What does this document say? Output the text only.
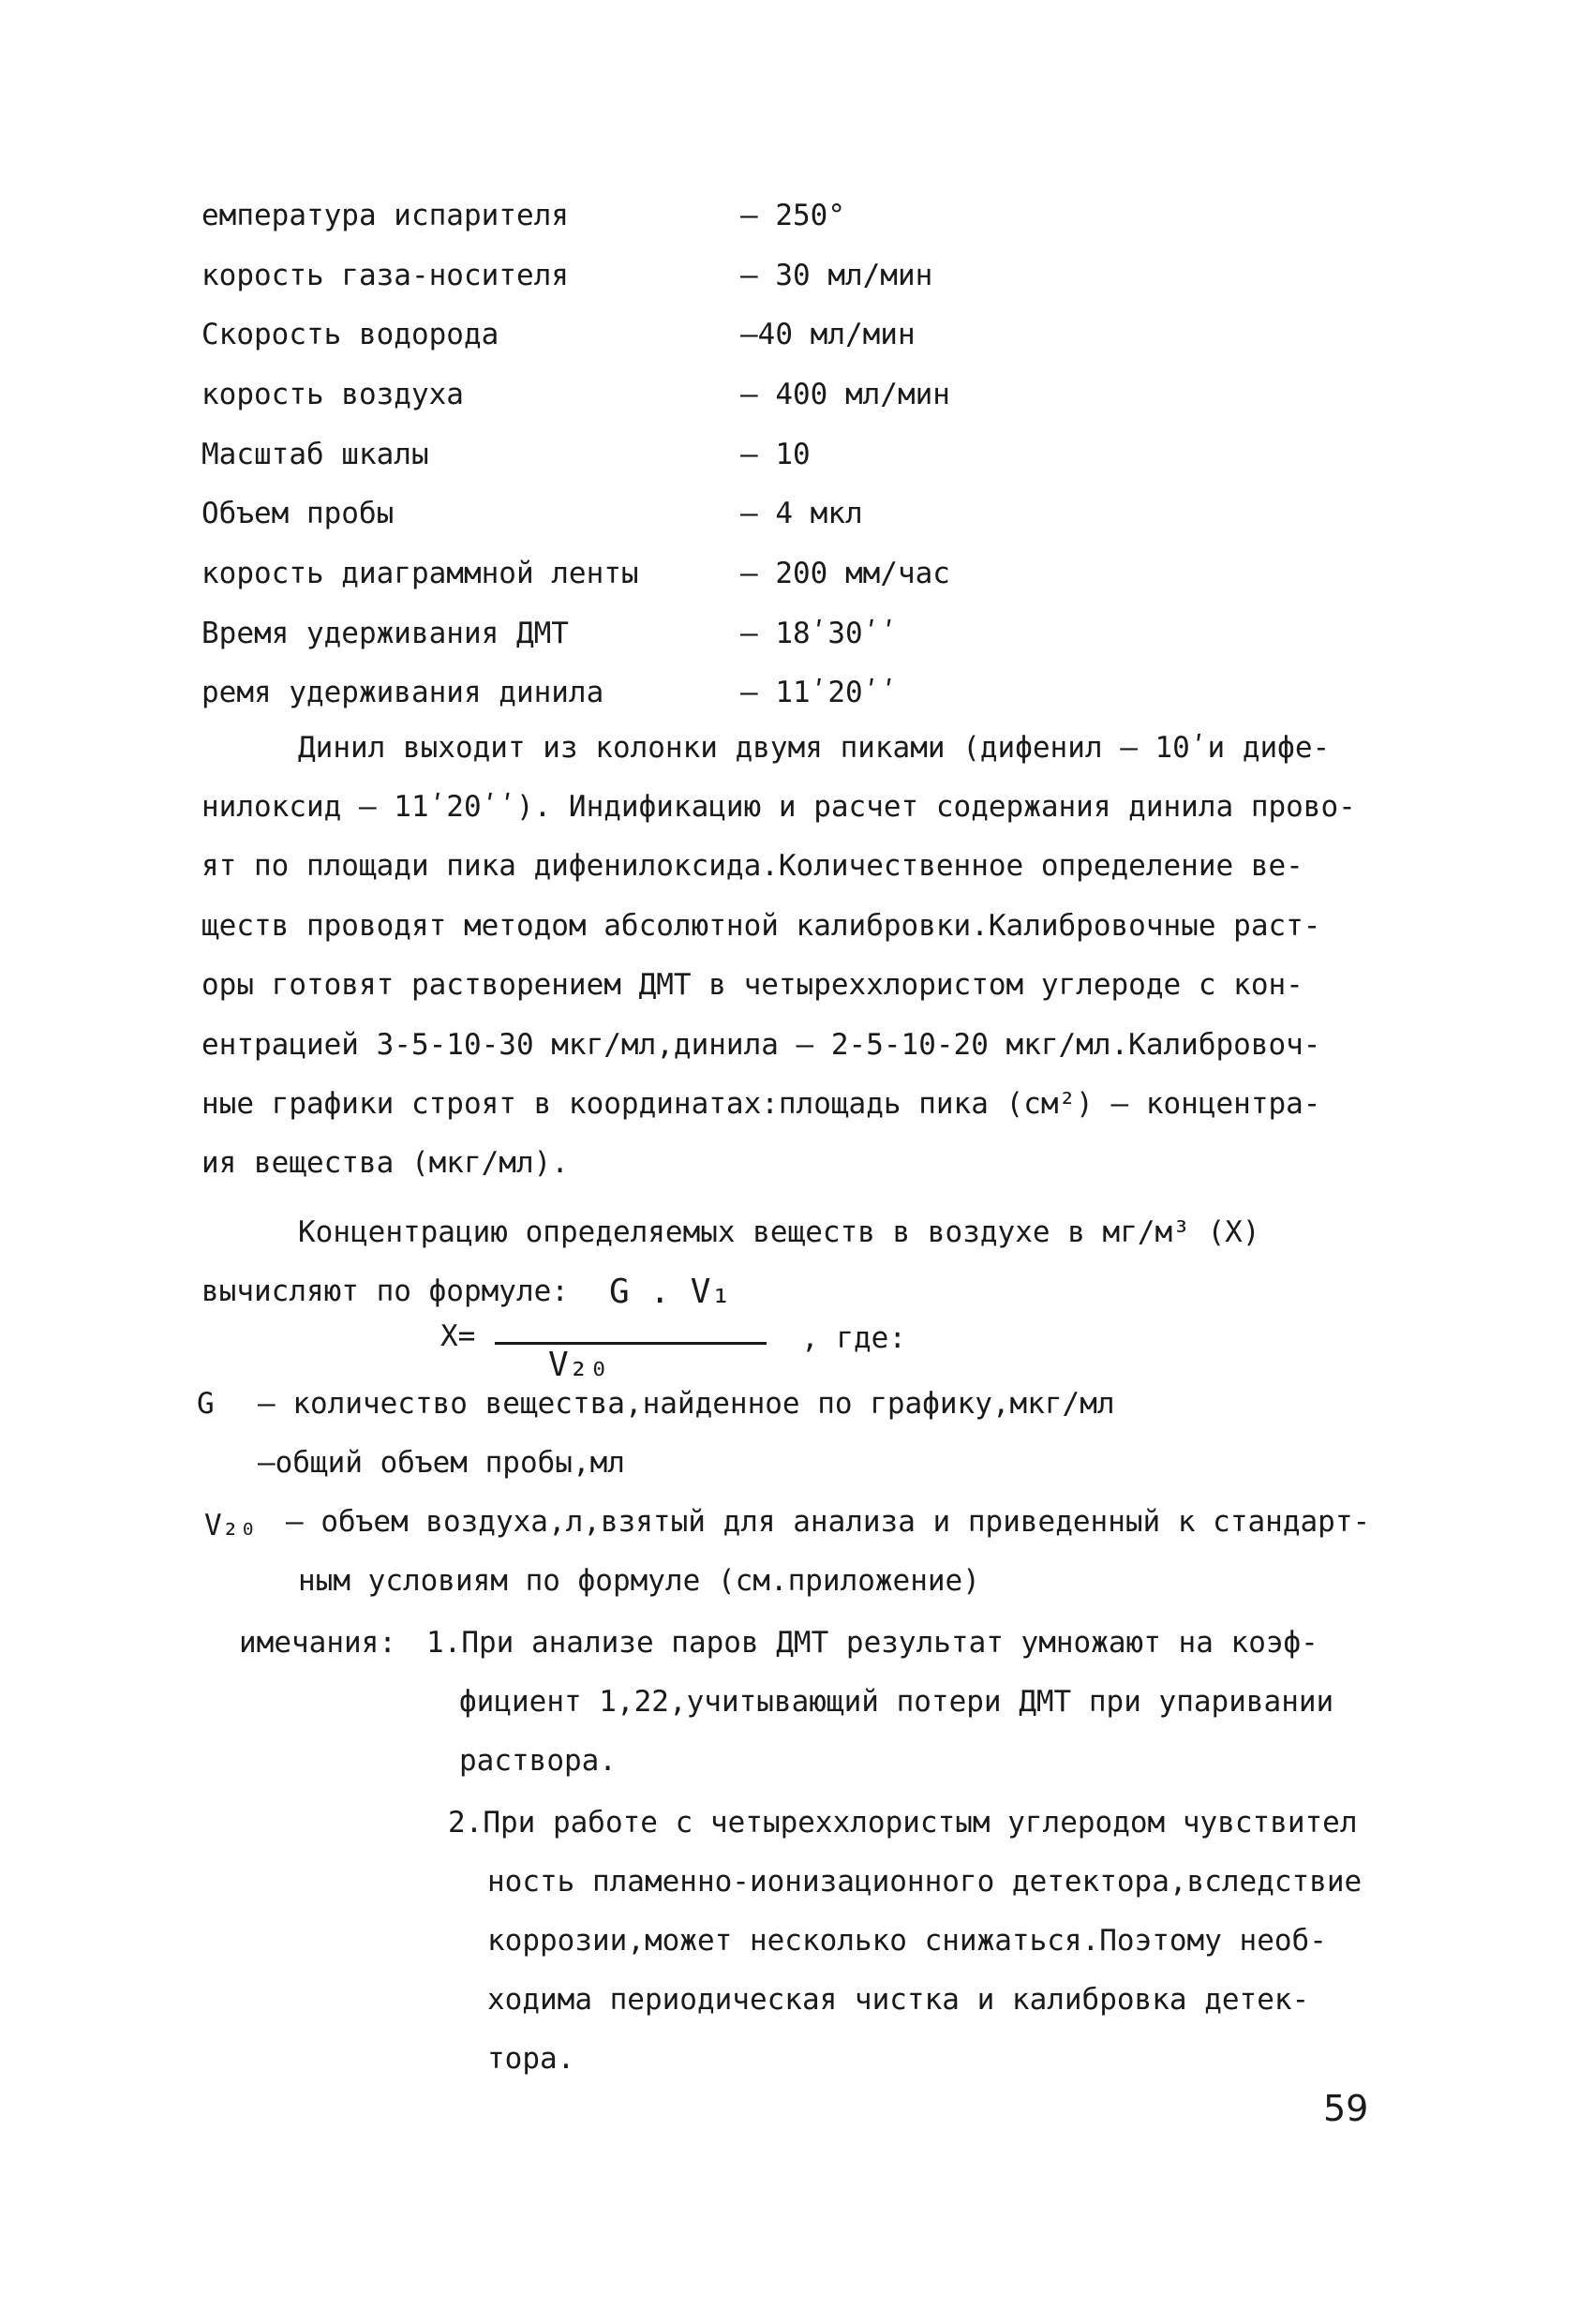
емпература испарителя	– 250°
корость газа-носителя	– 30 мл/мин
Скорость водорода	–40 мл/мин
корость воздуха	– 400 мл/мин
Масштаб шкалы	– 10
Объем пробы	– 4 мкл
корость диаграммной ленты	– 200 мм/час
Время удерживания ДМТ	– 18ʹ30ʹʹ
ремя удерживания динила	– 11ʹ20ʹʹ
Динил выходит из колонки двумя пиками (дифенил – 10ʹи дифе-
нилоксид – 11ʹ20ʹʹ). Индификацию и расчет содержания динила прово-
ят по площади пика дифенилоксида.Количественное определение ве-
ществ проводят методом абсолютной калибровки.Калибровочные раст-
оры готовят растворением ДМТ в четыреххлористом углероде с кон-
ентрацией 3-5-10-30 мкг/мл,динила – 2-5-10-20 мкг/мл.Калибровоч-
ные графики строят в координатах:площадь пика (см²) – концентра-
ия вещества (мкг/мл).
Концентрацию определяемых веществ в воздухе в мг/м³ (Х)
вычисляют по формуле:
Х=
G . V₁
V₂₀
, где:
G – количество вещества,найденное по графику,мкг/мл
–общий объем пробы,мл
V₂₀ – объем воздуха,л,взятый для анализа и приведенный к стандарт-
ным условиям по формуле (см.приложение)
имечания: 1.При анализе паров ДМТ результат умножают на коэф-
фициент 1,22,учитывающий потери ДМТ при упаривании
раствора.
2.При работе с четыреххлористым углеродом чувствител
ность пламенно-ионизационного детектора,вследствие
коррозии,может несколько снижаться.Поэтому необ-
ходима периодическая чистка и калибровка детек-
тора.
59
